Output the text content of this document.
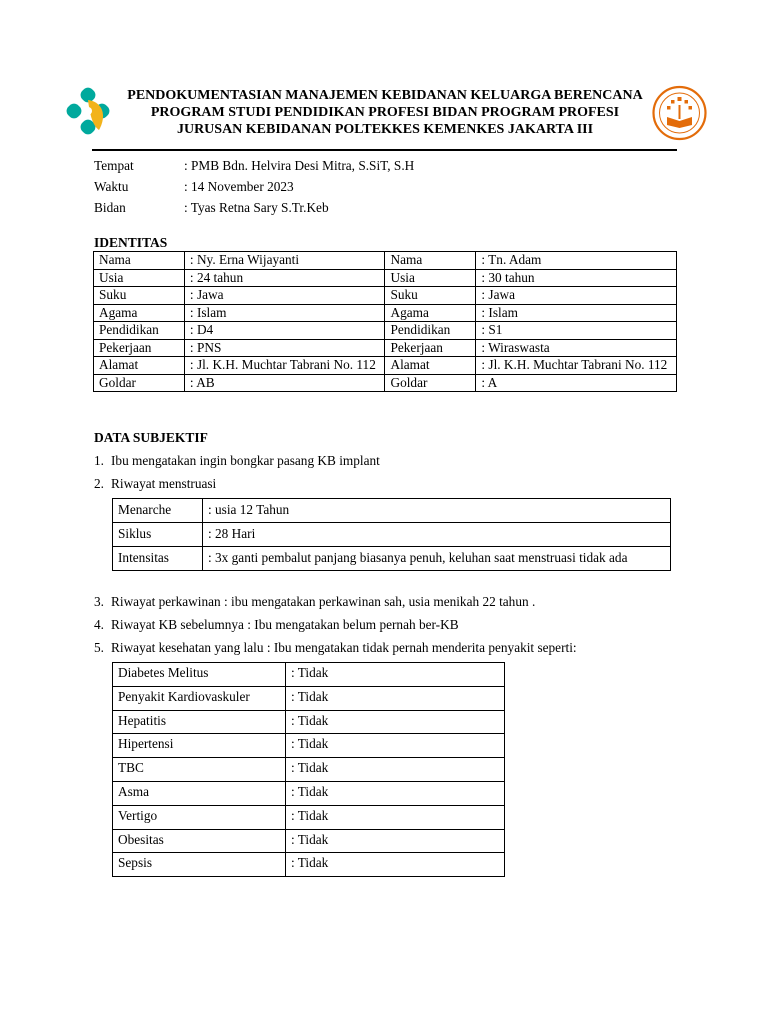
PENDOKUMENTASIAN MANAJEMEN KEBIDANAN KELUARGA BERENCANA
PROGRAM STUDI PENDIDIKAN PROFESI BIDAN PROGRAM PROFESI
JURUSAN KEBIDANAN POLTEKKES KEMENKES JAKARTA III
Tempat	: PMB Bdn. Helvira Desi Mitra, S.SiT, S.H
Waktu	: 14 November 2023
Bidan	: Tyas Retna Sary S.Tr.Keb
IDENTITAS
Nama	: Ny. Erna Wijayanti	Nama	: Tn. Adam
Usia	: 24 tahun	Usia	: 30 tahun
Suku	: Jawa	Suku	: Jawa
Agama	: Islam	Agama	: Islam
Pendidikan	: D4	Pendidikan	: S1
Pekerjaan	: PNS	Pekerjaan	: Wiraswasta
Alamat	: Jl. K.H. Muchtar Tabrani No. 112	Alamat	: Jl. K.H. Muchtar Tabrani No. 112
Goldar	: AB	Goldar	: A
DATA SUBJEKTIF
1. Ibu mengatakan ingin bongkar pasang KB implant
2. Riwayat menstruasi
Menarche	: usia 12 Tahun
Siklus	: 28 Hari
Intensitas	: 3x ganti pembalut panjang biasanya penuh, keluhan saat menstruasi tidak ada
3. Riwayat perkawinan : ibu mengatakan perkawinan sah, usia menikah 22 tahun .
4. Riwayat KB sebelumnya : Ibu mengatakan belum pernah ber-KB
5. Riwayat kesehatan yang lalu : Ibu mengatakan tidak pernah menderita penyakit seperti:
Diabetes Melitus	: Tidak
Penyakit Kardiovaskuler	: Tidak
Hepatitis	: Tidak
Hipertensi	: Tidak
TBC	: Tidak
Asma	: Tidak
Vertigo	: Tidak
Obesitas	: Tidak
Sepsis	: Tidak
